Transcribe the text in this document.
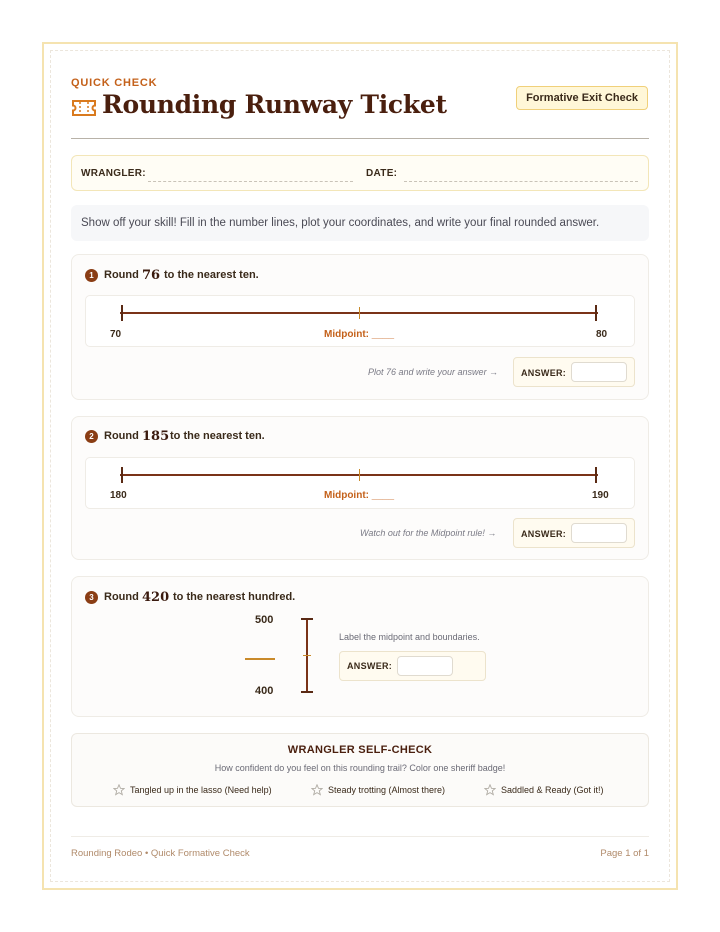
QUICK CHECK
Rounding Runway Ticket	Formative Exit Check
WRANGLER:	DATE:
Show off your skill! Fill in the number lines, plot your coordinates, and write your final rounded answer.
1 Round 76 to the nearest ten.
70	Midpoint: ____	80
Plot 76 and write your answer →	ANSWER:
2 Round 185 to the nearest ten.
180	Midpoint: ____	190
Watch out for the Midpoint rule! →	ANSWER:
3 Round 420 to the nearest hundred.
500
400
Label the midpoint and boundaries.
ANSWER:
WRANGLER SELF-CHECK
How confident do you feel on this rounding trail? Color one sheriff badge!
Tangled up in the lasso (Need help)	Steady trotting (Almost there)	Saddled & Ready (Got it!)
Rounding Rodeo • Quick Formative Check	Page 1 of 1
